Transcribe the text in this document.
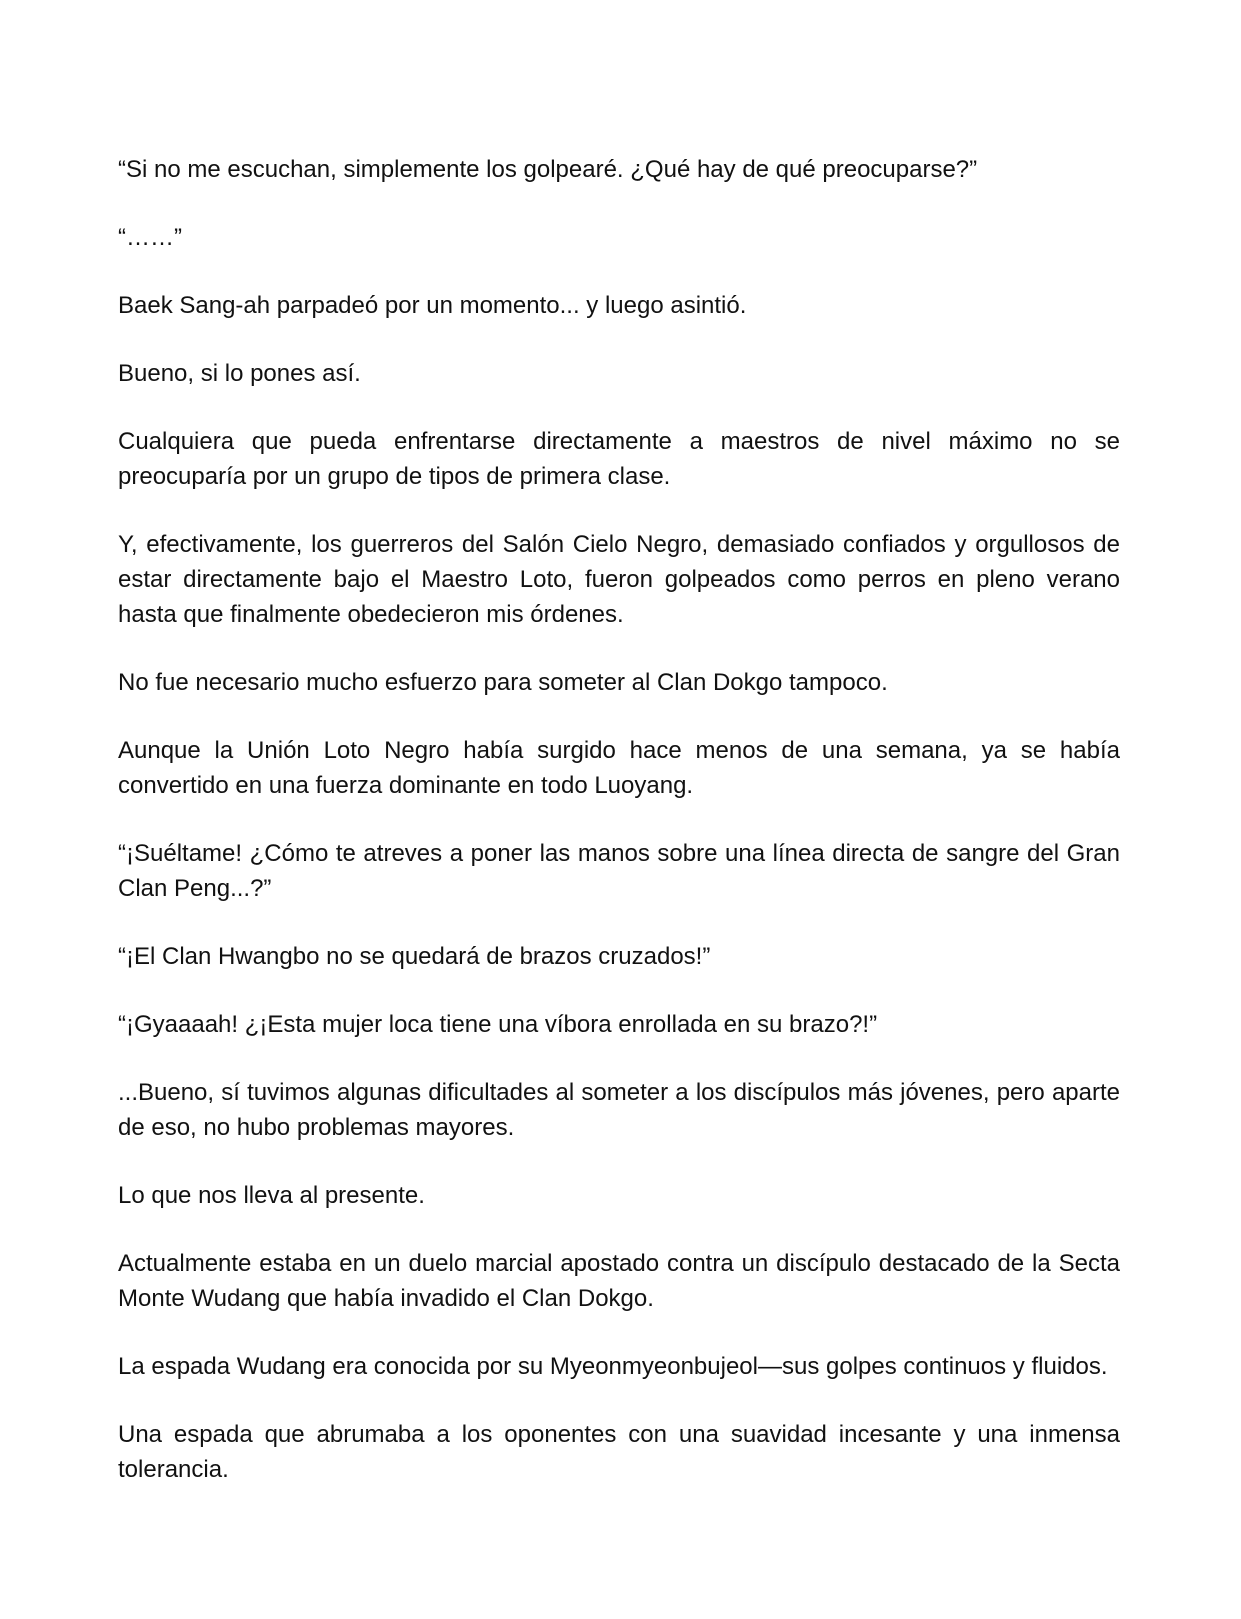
“Si no me escuchan, simplemente los golpearé. ¿Qué hay de qué preocuparse?”

“……”

Baek Sang-ah parpadeó por un momento... y luego asintió.

Bueno, si lo pones así.

Cualquiera que pueda enfrentarse directamente a maestros de nivel máximo no se preocuparía por un grupo de tipos de primera clase.

Y, efectivamente, los guerreros del Salón Cielo Negro, demasiado confiados y orgullosos de estar directamente bajo el Maestro Loto, fueron golpeados como perros en pleno verano hasta que finalmente obedecieron mis órdenes.

No fue necesario mucho esfuerzo para someter al Clan Dokgo tampoco.

Aunque la Unión Loto Negro había surgido hace menos de una semana, ya se había convertido en una fuerza dominante en todo Luoyang.

“¡Suéltame! ¿Cómo te atreves a poner las manos sobre una línea directa de sangre del Gran Clan Peng...?”

“¡El Clan Hwangbo no se quedará de brazos cruzados!”

“¡Gyaaaah! ¿¡Esta mujer loca tiene una víbora enrollada en su brazo?!”

...Bueno, sí tuvimos algunas dificultades al someter a los discípulos más jóvenes, pero aparte de eso, no hubo problemas mayores.

Lo que nos lleva al presente.

Actualmente estaba en un duelo marcial apostado contra un discípulo destacado de la Secta Monte Wudang que había invadido el Clan Dokgo.

La espada Wudang era conocida por su Myeonmyeonbujeol—sus golpes continuos y fluidos.

Una espada que abrumaba a los oponentes con una suavidad incesante y una inmensa tolerancia.
